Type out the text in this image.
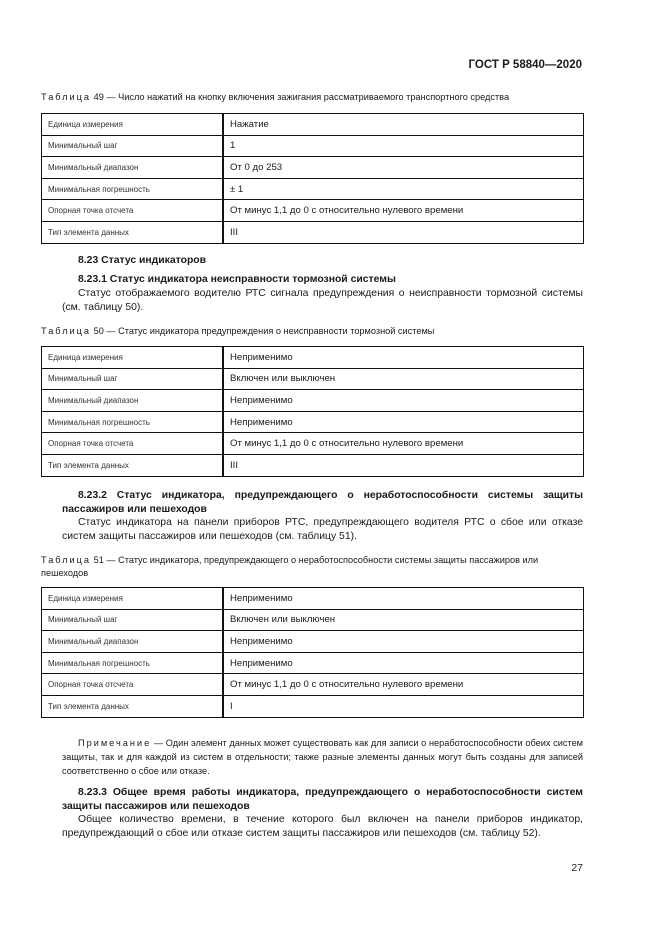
ГОСТ Р 58840—2020
Таблица 49 — Число нажатий на кнопку включения зажигания рассматриваемого транспортного средства
Единица измерения	Нажатие
Минимальный шаг	1
Минимальный диапазон	От 0 до 253
Минимальная погрешность	± 1
Опорная точка отсчета	От минус 1,1 до 0 с относительно нулевого времени
Тип элемента данных	III
8.23 Статус индикаторов
8.23.1 Статус индикатора неисправности тормозной системы
Статус отображаемого водителю РТС сигнала предупреждения о неисправности тормозной системы (см. таблицу 50).
Таблица 50 — Статус индикатора предупреждения о неисправности тормозной системы
Единица измерения	Неприменимо
Минимальный шаг	Включен или выключен
Минимальный диапазон	Неприменимо
Минимальная погрешность	Неприменимо
Опорная точка отсчета	От минус 1,1 до 0 с относительно нулевого времени
Тип элемента данных	III
8.23.2 Статус индикатора, предупреждающего о неработоспособности системы защиты пассажиров или пешеходов
Статус индикатора на панели приборов РТС, предупреждающего водителя РТС о сбое или отказе систем защиты пассажиров или пешеходов (см. таблицу 51).
Таблица 51 — Статус индикатора, предупреждающего о неработоспособности системы защиты пассажиров или пешеходов
Единица измерения	Неприменимо
Минимальный шаг	Включен или выключен
Минимальный диапазон	Неприменимо
Минимальная погрешность	Неприменимо
Опорная точка отсчета	От минус 1,1 до 0 с относительно нулевого времени
Тип элемента данных	I
Примечание — Один элемент данных может существовать как для записи о неработоспособности обеих систем защиты, так и для каждой из систем в отдельности; также разные элементы данных могут быть созданы для записей соответственно о сбое или отказе.
8.23.3 Общее время работы индикатора, предупреждающего о неработоспособности систем защиты пассажиров или пешеходов
Общее количество времени, в течение которого был включен на панели приборов индикатор, предупреждающий о сбое или отказе систем защиты пассажиров или пешеходов (см. таблицу 52).
27
